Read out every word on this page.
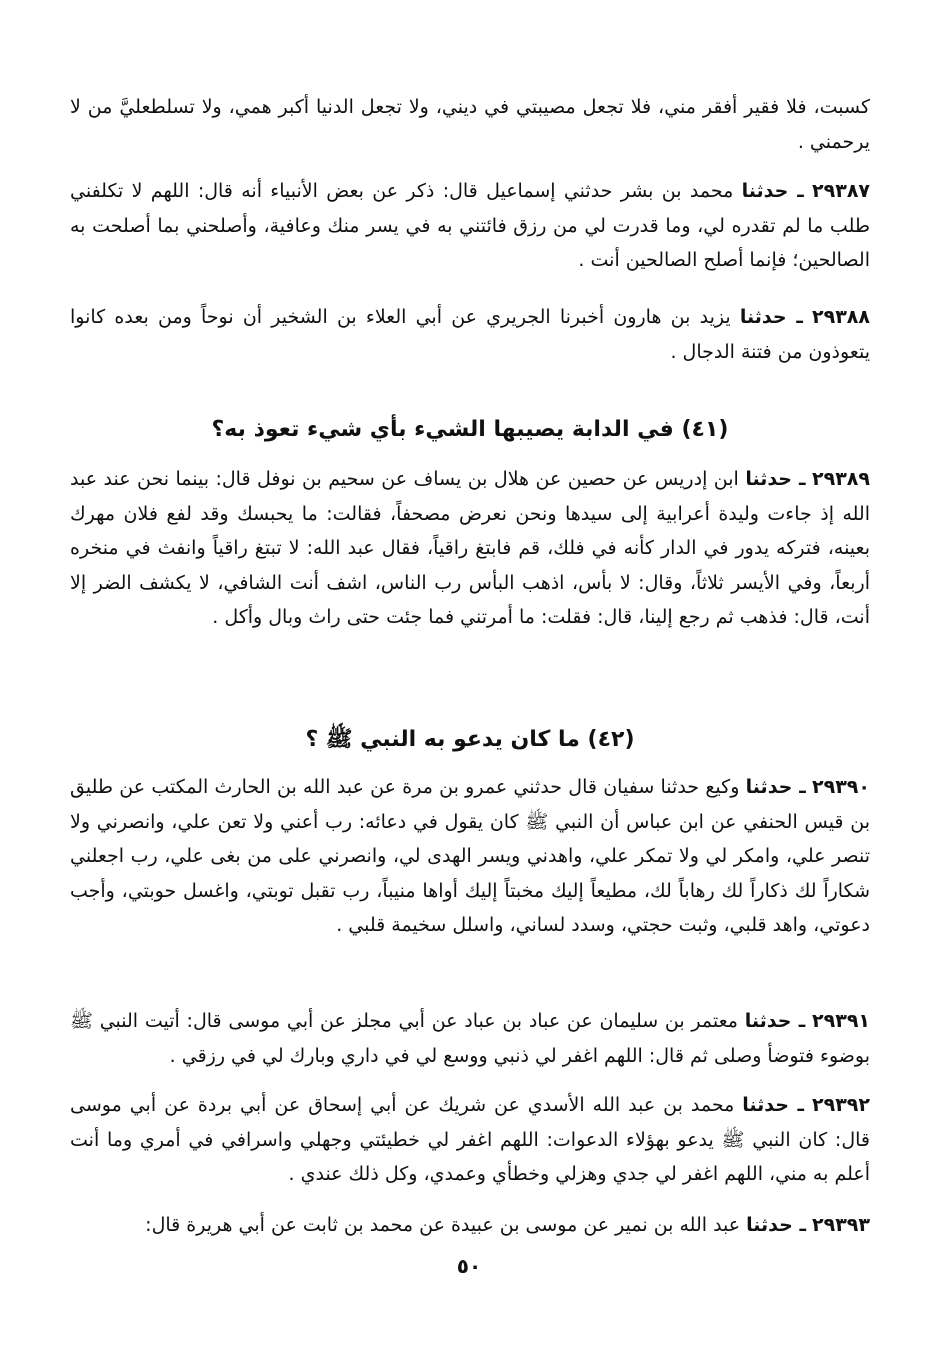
كسبت، فلا فقير أفقر مني، فلا تجعل مصيبتي في ديني، ولا تجعل الدنيا أكبر همي، ولا تسلطعليَّ من لا يرحمني .

٢٩٣٨٧ ـ حدثنا محمد بن بشر حدثني إسماعيل قال: ذكر عن بعض الأنبياء أنه قال: اللهم لا تكلفني طلب ما لم تقدره لي، وما قدرت لي من رزق فائتني به في يسر منك وعافية، وأصلحني بما أصلحت به الصالحين؛ فإنما أصلح الصالحين أنت .

٢٩٣٨٨ ـ حدثنا يزيد بن هارون أخبرنا الجريري عن أبي العلاء بن الشخير أن نوحاً ومن بعده كانوا يتعوذون من فتنة الدجال .

(٤١) في الدابة يصيبها الشيء بأي شيء تعوذ به؟

٢٩٣٨٩ ـ حدثنا ابن إدريس عن حصين عن هلال بن يساف عن سحيم بن نوفل قال: بينما نحن عند عبد الله إذ جاءت وليدة أعرابية إلى سيدها ونحن نعرض مصحفاً، فقالت: ما يحبسك وقد لفع فلان مهرك بعينه، فتركه يدور في الدار كأنه في فلك، قم فابتغ راقياً، فقال عبد الله: لا تبتغ راقياً وانفث في منخره أربعاً، وفي الأيسر ثلاثاً، وقال: لا بأس، اذهب البأس رب الناس، اشف أنت الشافي، لا يكشف الضر إلا أنت، قال: فذهب ثم رجع إلينا، قال: فقلت: ما أمرتني فما جئت حتى راث وبال وأكل .

(٤٢) ما كان يدعو به النبي ﷺ ؟

٢٩٣٩٠ ـ حدثنا وكيع حدثنا سفيان قال حدثني عمرو بن مرة عن عبد الله بن الحارث المكتب عن طليق بن قيس الحنفي عن ابن عباس أن النبي ﷺ كان يقول في دعائه: رب أعني ولا تعن علي، وانصرني ولا تنصر علي، وامكر لي ولا تمكر علي، واهدني ويسر الهدى لي، وانصرني على من بغى علي، رب اجعلني شكاراً لك ذكاراً لك رهاباً لك، مطيعاً إليك مخبتاً إليك أواها منيباً، رب تقبل توبتي، واغسل حوبتي، وأجب دعوتي، واهد قلبي، وثبت حجتي، وسدد لساني، واسلل سخيمة قلبي .

٢٩٣٩١ ـ حدثنا معتمر بن سليمان عن عباد بن عباد عن أبي مجلز عن أبي موسى قال: أتيت النبي ﷺ بوضوء فتوضأ وصلى ثم قال: اللهم اغفر لي ذنبي ووسع لي في داري وبارك لي في رزقي .

٢٩٣٩٢ ـ حدثنا محمد بن عبد الله الأسدي عن شريك عن أبي إسحاق عن أبي بردة عن أبي موسى قال: كان النبي ﷺ يدعو بهؤلاء الدعوات: اللهم اغفر لي خطيئتي وجهلي واسرافي في أمري وما أنت أعلم به مني، اللهم اغفر لي جدي وهزلي وخطأي وعمدي، وكل ذلك عندي .

٢٩٣٩٣ ـ حدثنا عبد الله بن نمير عن موسى بن عبيدة عن محمد بن ثابت عن أبي هريرة قال:

٥٠
